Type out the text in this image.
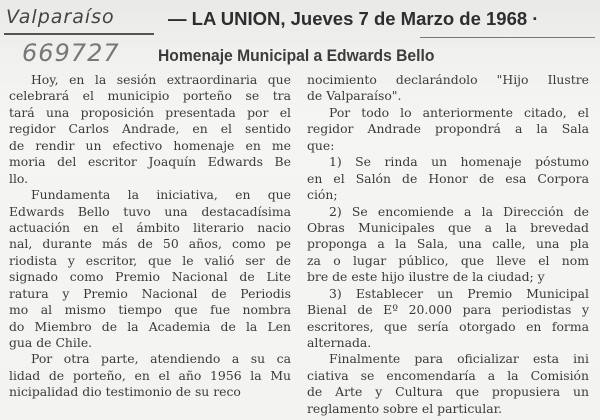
Valparaíso	— LA UNION, Jueves 7 de Marzo de 1968 ·
Homenaje Municipal a Edwards Bello
669727
Hoy, en la sesión extraordinaria que
celebrará el municipio porteño se tra
tará una proposición presentada por el
regidor Carlos Andrade, en el sentido
de rendir un efectivo homenaje en me
moria del escritor Joaquín Edwards Be
llo.
Fundamenta la iniciativa, en que
Edwards Bello tuvo una destacadísima
actuación en el ámbito literario nacio
nal, durante más de 50 años, como pe
riodista y escritor, que le valió ser de
signado como Premio Nacional de Lite
ratura y Premio Nacional de Periodis
mo al mismo tiempo que fue nombra
do Miembro de la Academia de la Len
gua de Chile.
Por otra parte, atendiendo a su ca
lidad de porteño, en el año 1956 la Mu
nicipalidad dio testimonio de su reco
nocimiento declarándolo "Hijo Ilustre
de Valparaíso".
Por todo lo anteriormente citado, el
regidor Andrade propondrá a la Sala
que:
1) Se rinda un homenaje póstumo
en el Salón de Honor de esa Corpora
ción;
2) Se encomiende a la Dirección de
Obras Municipales que a la brevedad
proponga a la Sala, una calle, una pla
za o lugar público, que lleve el nom
bre de este hijo ilustre de la ciudad; y
3) Establecer un Premio Municipal
Bienal de Eº 20.000 para periodistas y
escritores, que sería otorgado en forma
alternada.
Finalmente para oficializar esta ini
ciativa se encomendaría a la Comisión
de Arte y Cultura que propusiera un
reglamento sobre el particular.
